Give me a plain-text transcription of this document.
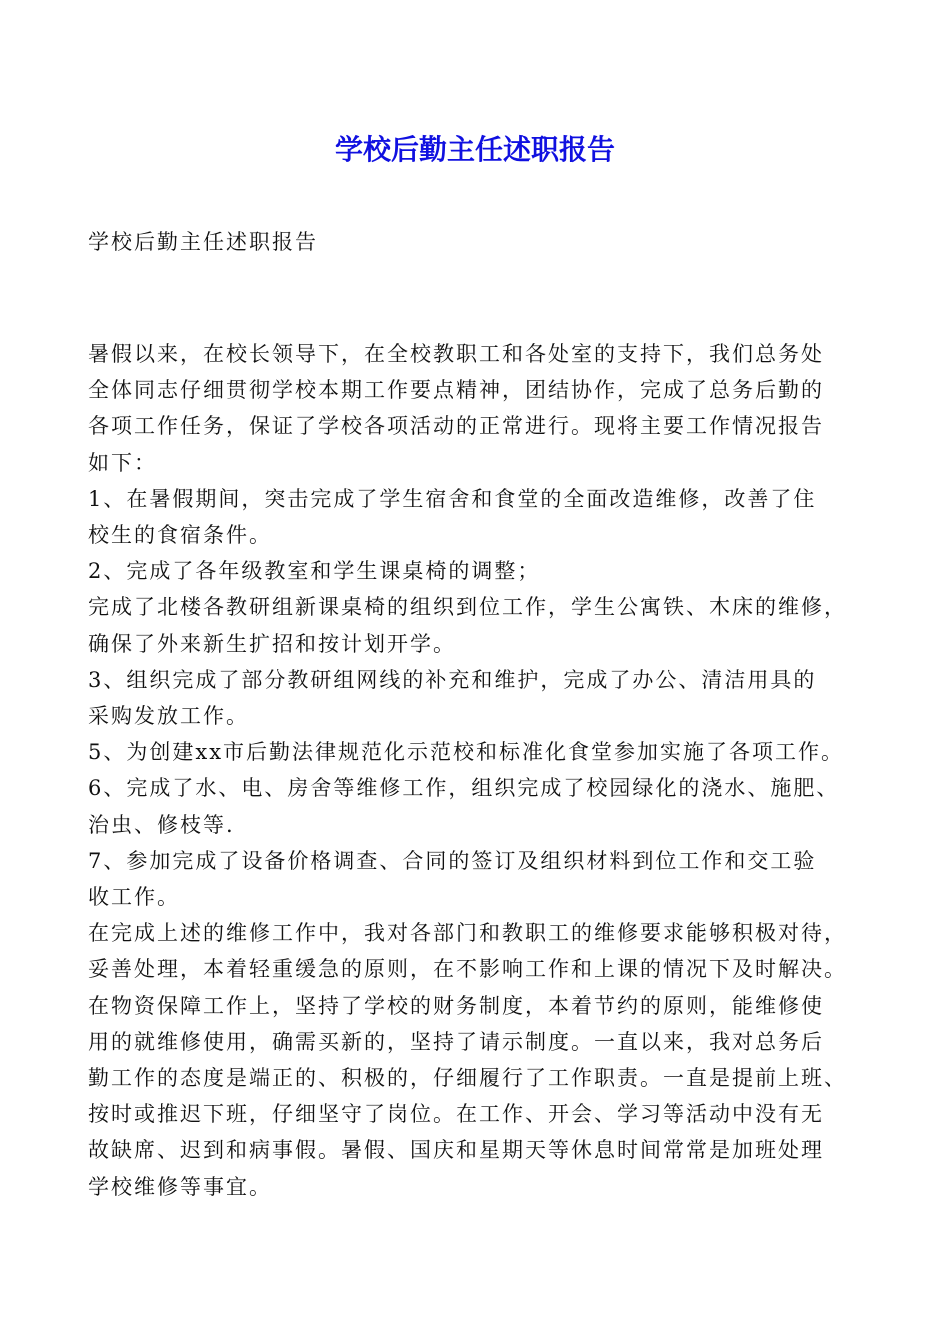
学校后勤主任述职报告
学校后勤主任述职报告
暑假以来，在校长领导下，在全校教职工和各处室的支持下，我们总务处
全体同志仔细贯彻学校本期工作要点精神，团结协作，完成了总务后勤的
各项工作任务，保证了学校各项活动的正常进行。现将主要工作情况报告
如下：
1、在暑假期间，突击完成了学生宿舍和食堂的全面改造维修，改善了住
校生的食宿条件。
2、完成了各年级教室和学生课桌椅的调整；
完成了北楼各教研组新课桌椅的组织到位工作，学生公寓铁、木床的维修，
确保了外来新生扩招和按计划开学。
3、组织完成了部分教研组网线的补充和维护，完成了办公、清洁用具的
采购发放工作。
5、为创建xx市后勤法律规范化示范校和标准化食堂参加实施了各项工作。
6、完成了水、电、房舍等维修工作，组织完成了校园绿化的浇水、施肥、
治虫、修枝等.
7、参加完成了设备价格调查、合同的签订及组织材料到位工作和交工验
收工作。
在完成上述的维修工作中，我对各部门和教职工的维修要求能够积极对待，
妥善处理，本着轻重缓急的原则，在不影响工作和上课的情况下及时解决。
在物资保障工作上，坚持了学校的财务制度，本着节约的原则，能维修使
用的就维修使用，确需买新的，坚持了请示制度。一直以来，我对总务后
勤工作的态度是端正的、积极的，仔细履行了工作职责。一直是提前上班、
按时或推迟下班，仔细坚守了岗位。在工作、开会、学习等活动中没有无
故缺席、迟到和病事假。暑假、国庆和星期天等休息时间常常是加班处理
学校维修等事宜。
